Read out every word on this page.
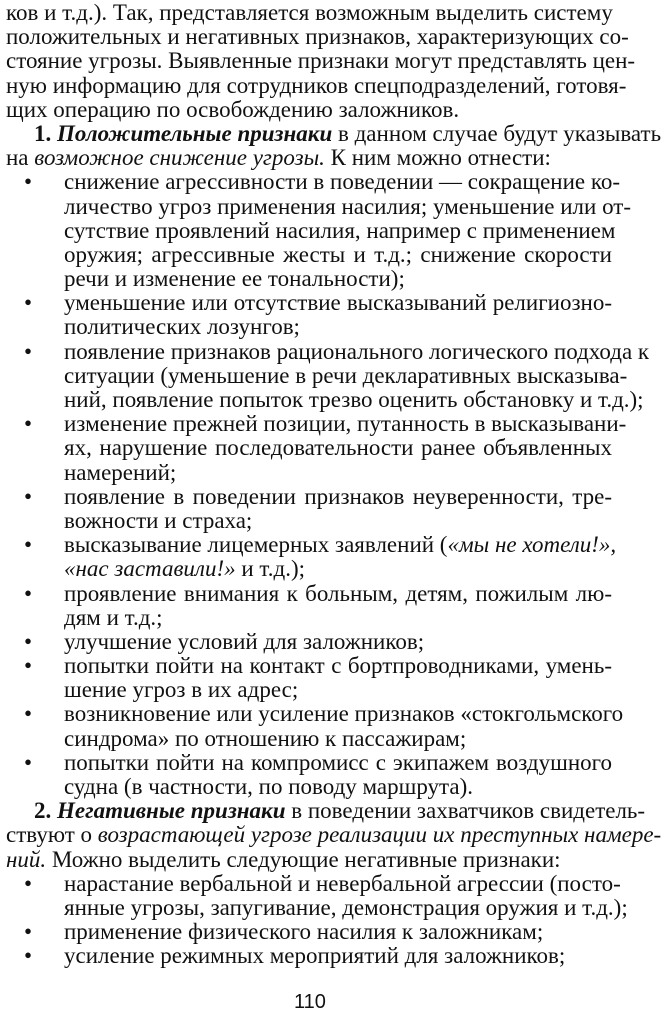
ков и т.д.). Так, представляется возможным выделить систему
положительных и негативных признаков, характеризующих со-
стояние угрозы. Выявленные признаки могут представлять цен-
ную информацию для сотрудников спецподразделений, готовя-
щих операцию по освобождению заложников.
1. Положительные признаки в данном случае будут указывать
на возможное снижение угрозы. К ним можно отнести:
• снижение агрессивности в поведении — сокращение ко-
личество угроз применения насилия; уменьшение или от-
сутствие проявлений насилия, например с применением
оружия; агрессивные жесты и т.д.; снижение скорости
речи и изменение ее тональности);
• уменьшение или отсутствие высказываний религиозно-
политических лозунгов;
• появление признаков рационального логического подхода к
ситуации (уменьшение в речи декларативных высказыва-
ний, появление попыток трезво оценить обстановку и т.д.);
• изменение прежней позиции, путанность в высказывани-
ях, нарушение последовательности ранее объявленных
намерений;
• появление в поведении признаков неуверенности, тре-
вожности и страха;
• высказывание лицемерных заявлений («мы не хотели!»,
«нас заставили!» и т.д.);
• проявление внимания к больным, детям, пожилым лю-
дям и т.д.;
• улучшение условий для заложников;
• попытки пойти на контакт с бортпроводниками, умень-
шение угроз в их адрес;
• возникновение или усиление признаков «стокгольмского
синдрома» по отношению к пассажирам;
• попытки пойти на компромисс с экипажем воздушного
судна (в частности, по поводу маршрута).
2. Негативные признаки в поведении захватчиков свидетель-
ствуют о возрастающей угрозе реализации их преступных намере-
ний. Можно выделить следующие негативные признаки:
• нарастание вербальной и невербальной агрессии (посто-
янные угрозы, запугивание, демонстрация оружия и т.д.);
• применение физического насилия к заложникам;
• усиление режимных мероприятий для заложников;
110
